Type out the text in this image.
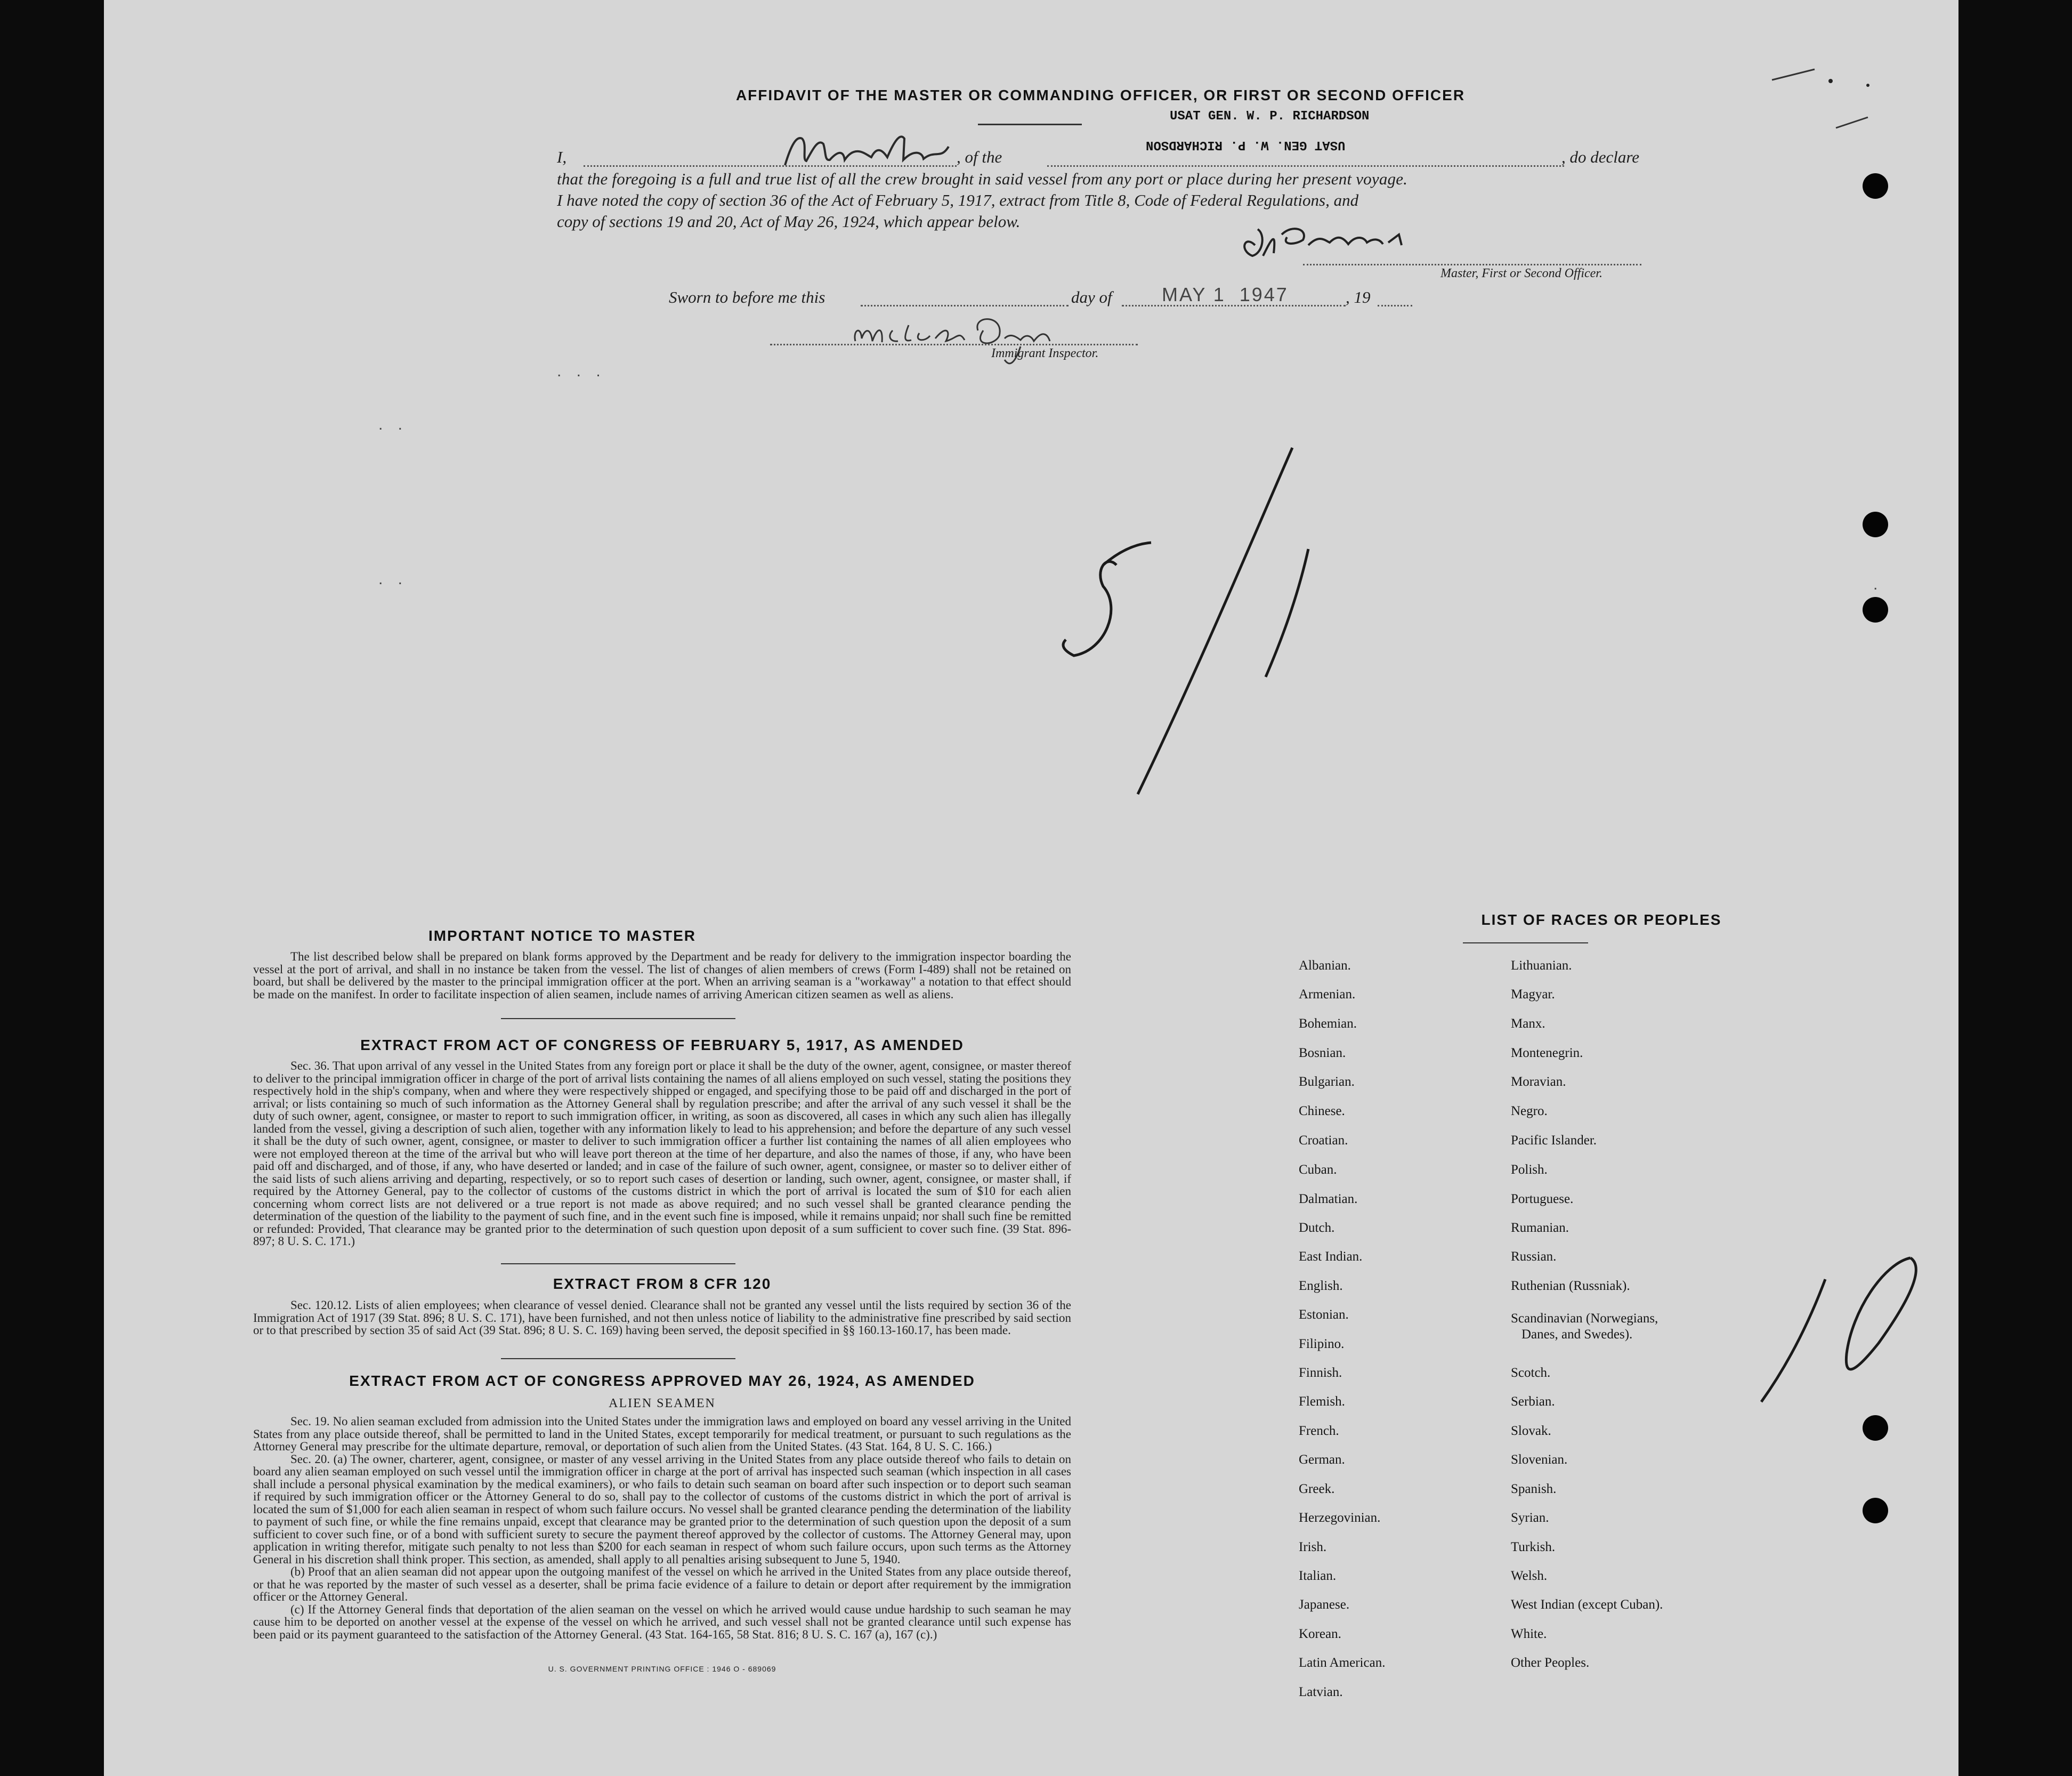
. .
. .
. . .
.
AFFIDAVIT OF THE MASTER OR COMMANDING OFFICER, OR FIRST OR SECOND OFFICER
USAT GEN. W. P. RICHARDSON
I,	, of the
USAT GEN. W. P. RICHARDSON
, do declare
that the foregoing is a full and true list of all the crew brought in said vessel from any port or place during her present voyage.
I have noted the copy of section 36 of the Act of February 5, 1917, extract from Title 8, Code of Federal Regulations, and
copy of sections 19 and 20, Act of May 26, 1924, which appear below.
Master, First or Second Officer.
Sworn to before me this	day of	MAY 1  1947	, 19
Immigrant Inspector.
IMPORTANT NOTICE TO MASTER

The list described below shall be prepared on blank forms approved by the Department and be ready for delivery to the immigration inspector boarding the vessel at the port of arrival, and shall in no instance be taken from the vessel. The list of changes of alien members of crews (Form I-489) shall not be retained on board, but shall be delivered by the master to the principal immigration officer at the port. When an arriving seaman is a "workaway" a notation to that effect should be made on the manifest. In order to facilitate inspection of alien seamen, include names of arriving American citizen seamen as well as aliens.

EXTRACT FROM ACT OF CONGRESS OF FEBRUARY 5, 1917, AS AMENDED

Sec. 36. That upon arrival of any vessel in the United States from any foreign port or place it shall be the duty of the owner, agent, consignee, or master thereof to deliver to the principal immigration officer in charge of the port of arrival lists containing the names of all aliens employed on such vessel, stating the positions they respectively hold in the ship's company, when and where they were respectively shipped or engaged, and specifying those to be paid off and discharged in the port of arrival; or lists containing so much of such information as the Attorney General shall by regulation prescribe; and after the arrival of any such vessel it shall be the duty of such owner, agent, consignee, or master to report to such immigration officer, in writing, as soon as discovered, all cases in which any such alien has illegally landed from the vessel, giving a description of such alien, together with any information likely to lead to his apprehension; and before the departure of any such vessel it shall be the duty of such owner, agent, consignee, or master to deliver to such immigration officer a further list containing the names of all alien employees who were not employed thereon at the time of the arrival but who will leave port thereon at the time of her departure, and also the names of those, if any, who have been paid off and discharged, and of those, if any, who have deserted or landed; and in case of the failure of such owner, agent, consignee, or master so to deliver either of the said lists of such aliens arriving and departing, respectively, or so to report such cases of desertion or landing, such owner, agent, consignee, or master shall, if required by the Attorney General, pay to the collector of customs of the customs district in which the port of arrival is located the sum of $10 for each alien concerning whom correct lists are not delivered or a true report is not made as above required; and no such vessel shall be granted clearance pending the determination of the question of the liability to the payment of such fine, and in the event such fine is imposed, while it remains unpaid; nor shall such fine be remitted or refunded: Provided, That clearance may be granted prior to the determination of such question upon deposit of a sum sufficient to cover such fine. (39 Stat. 896-897; 8 U. S. C. 171.)

EXTRACT FROM 8 CFR 120

Sec. 120.12. Lists of alien employees; when clearance of vessel denied. Clearance shall not be granted any vessel until the lists required by section 36 of the Immigration Act of 1917 (39 Stat. 896; 8 U. S. C. 171), have been furnished, and not then unless notice of liability to the administrative fine prescribed by said section or to that prescribed by section 35 of said Act (39 Stat. 896; 8 U. S. C. 169) having been served, the deposit specified in §§ 160.13-160.17, has been made.

EXTRACT FROM ACT OF CONGRESS APPROVED MAY 26, 1924, AS AMENDED
ALIEN SEAMEN

Sec. 19. No alien seaman excluded from admission into the United States under the immigration laws and employed on board any vessel arriving in the United States from any place outside thereof, shall be permitted to land in the United States, except temporarily for medical treatment, or pursuant to such regulations as the Attorney General may prescribe for the ultimate departure, removal, or deportation of such alien from the United States. (43 Stat. 164, 8 U. S. C. 166.)

Sec. 20. (a) The owner, charterer, agent, consignee, or master of any vessel arriving in the United States from any place outside thereof who fails to detain on board any alien seaman employed on such vessel until the immigration officer in charge at the port of arrival has inspected such seaman (which inspection in all cases shall include a personal physical examination by the medical examiners), or who fails to detain such seaman on board after such inspection or to deport such seaman if required by such immigration officer or the Attorney General to do so, shall pay to the collector of customs of the customs district in which the port of arrival is located the sum of $1,000 for each alien seaman in respect of whom such failure occurs. No vessel shall be granted clearance pending the determination of the liability to payment of such fine, or while the fine remains unpaid, except that clearance may be granted prior to the determination of such question upon the deposit of a sum sufficient to cover such fine, or of a bond with sufficient surety to secure the payment thereof approved by the collector of customs. The Attorney General may, upon application in writing therefor, mitigate such penalty to not less than $200 for each seaman in respect of whom such failure occurs, upon such terms as the Attorney General in his discretion shall think proper. This section, as amended, shall apply to all penalties arising subsequent to June 5, 1940.

(b) Proof that an alien seaman did not appear upon the outgoing manifest of the vessel on which he arrived in the United States from any place outside thereof, or that he was reported by the master of such vessel as a deserter, shall be prima facie evidence of a failure to detain or deport after requirement by the immigration officer or the Attorney General.

(c) If the Attorney General finds that deportation of the alien seaman on the vessel on which he arrived would cause undue hardship to such seaman he may cause him to be deported on another vessel at the expense of the vessel on which he arrived, and such vessel shall not be granted clearance until such expense has been paid or its payment guaranteed to the satisfaction of the Attorney General. (43 Stat. 164-165, 58 Stat. 816; 8 U. S. C. 167 (a), 167 (c).)

U. S. GOVERNMENT PRINTING OFFICE : 1946 O - 689069
LIST OF RACES OR PEOPLES
Albanian.
Armenian.
Bohemian.
Bosnian.
Bulgarian.
Chinese.
Croatian.
Cuban.
Dalmatian.
Dutch.
East Indian.
English.
Estonian.
Filipino.
Finnish.
Flemish.
French.
German.
Greek.
Herzegovinian.
Irish.
Italian.
Japanese.
Korean.
Latin American.
Latvian.
Lithuanian.
Magyar.
Manx.
Montenegrin.
Moravian.
Negro.
Pacific Islander.
Polish.
Portuguese.
Rumanian.
Russian.
Ruthenian (Russniak).
Scandinavian (Norwegians,
Danes, and Swedes).
Scotch.
Serbian.
Slovak.
Slovenian.
Spanish.
Syrian.
Turkish.
Welsh.
West Indian (except Cuban).
White.
Other Peoples.
